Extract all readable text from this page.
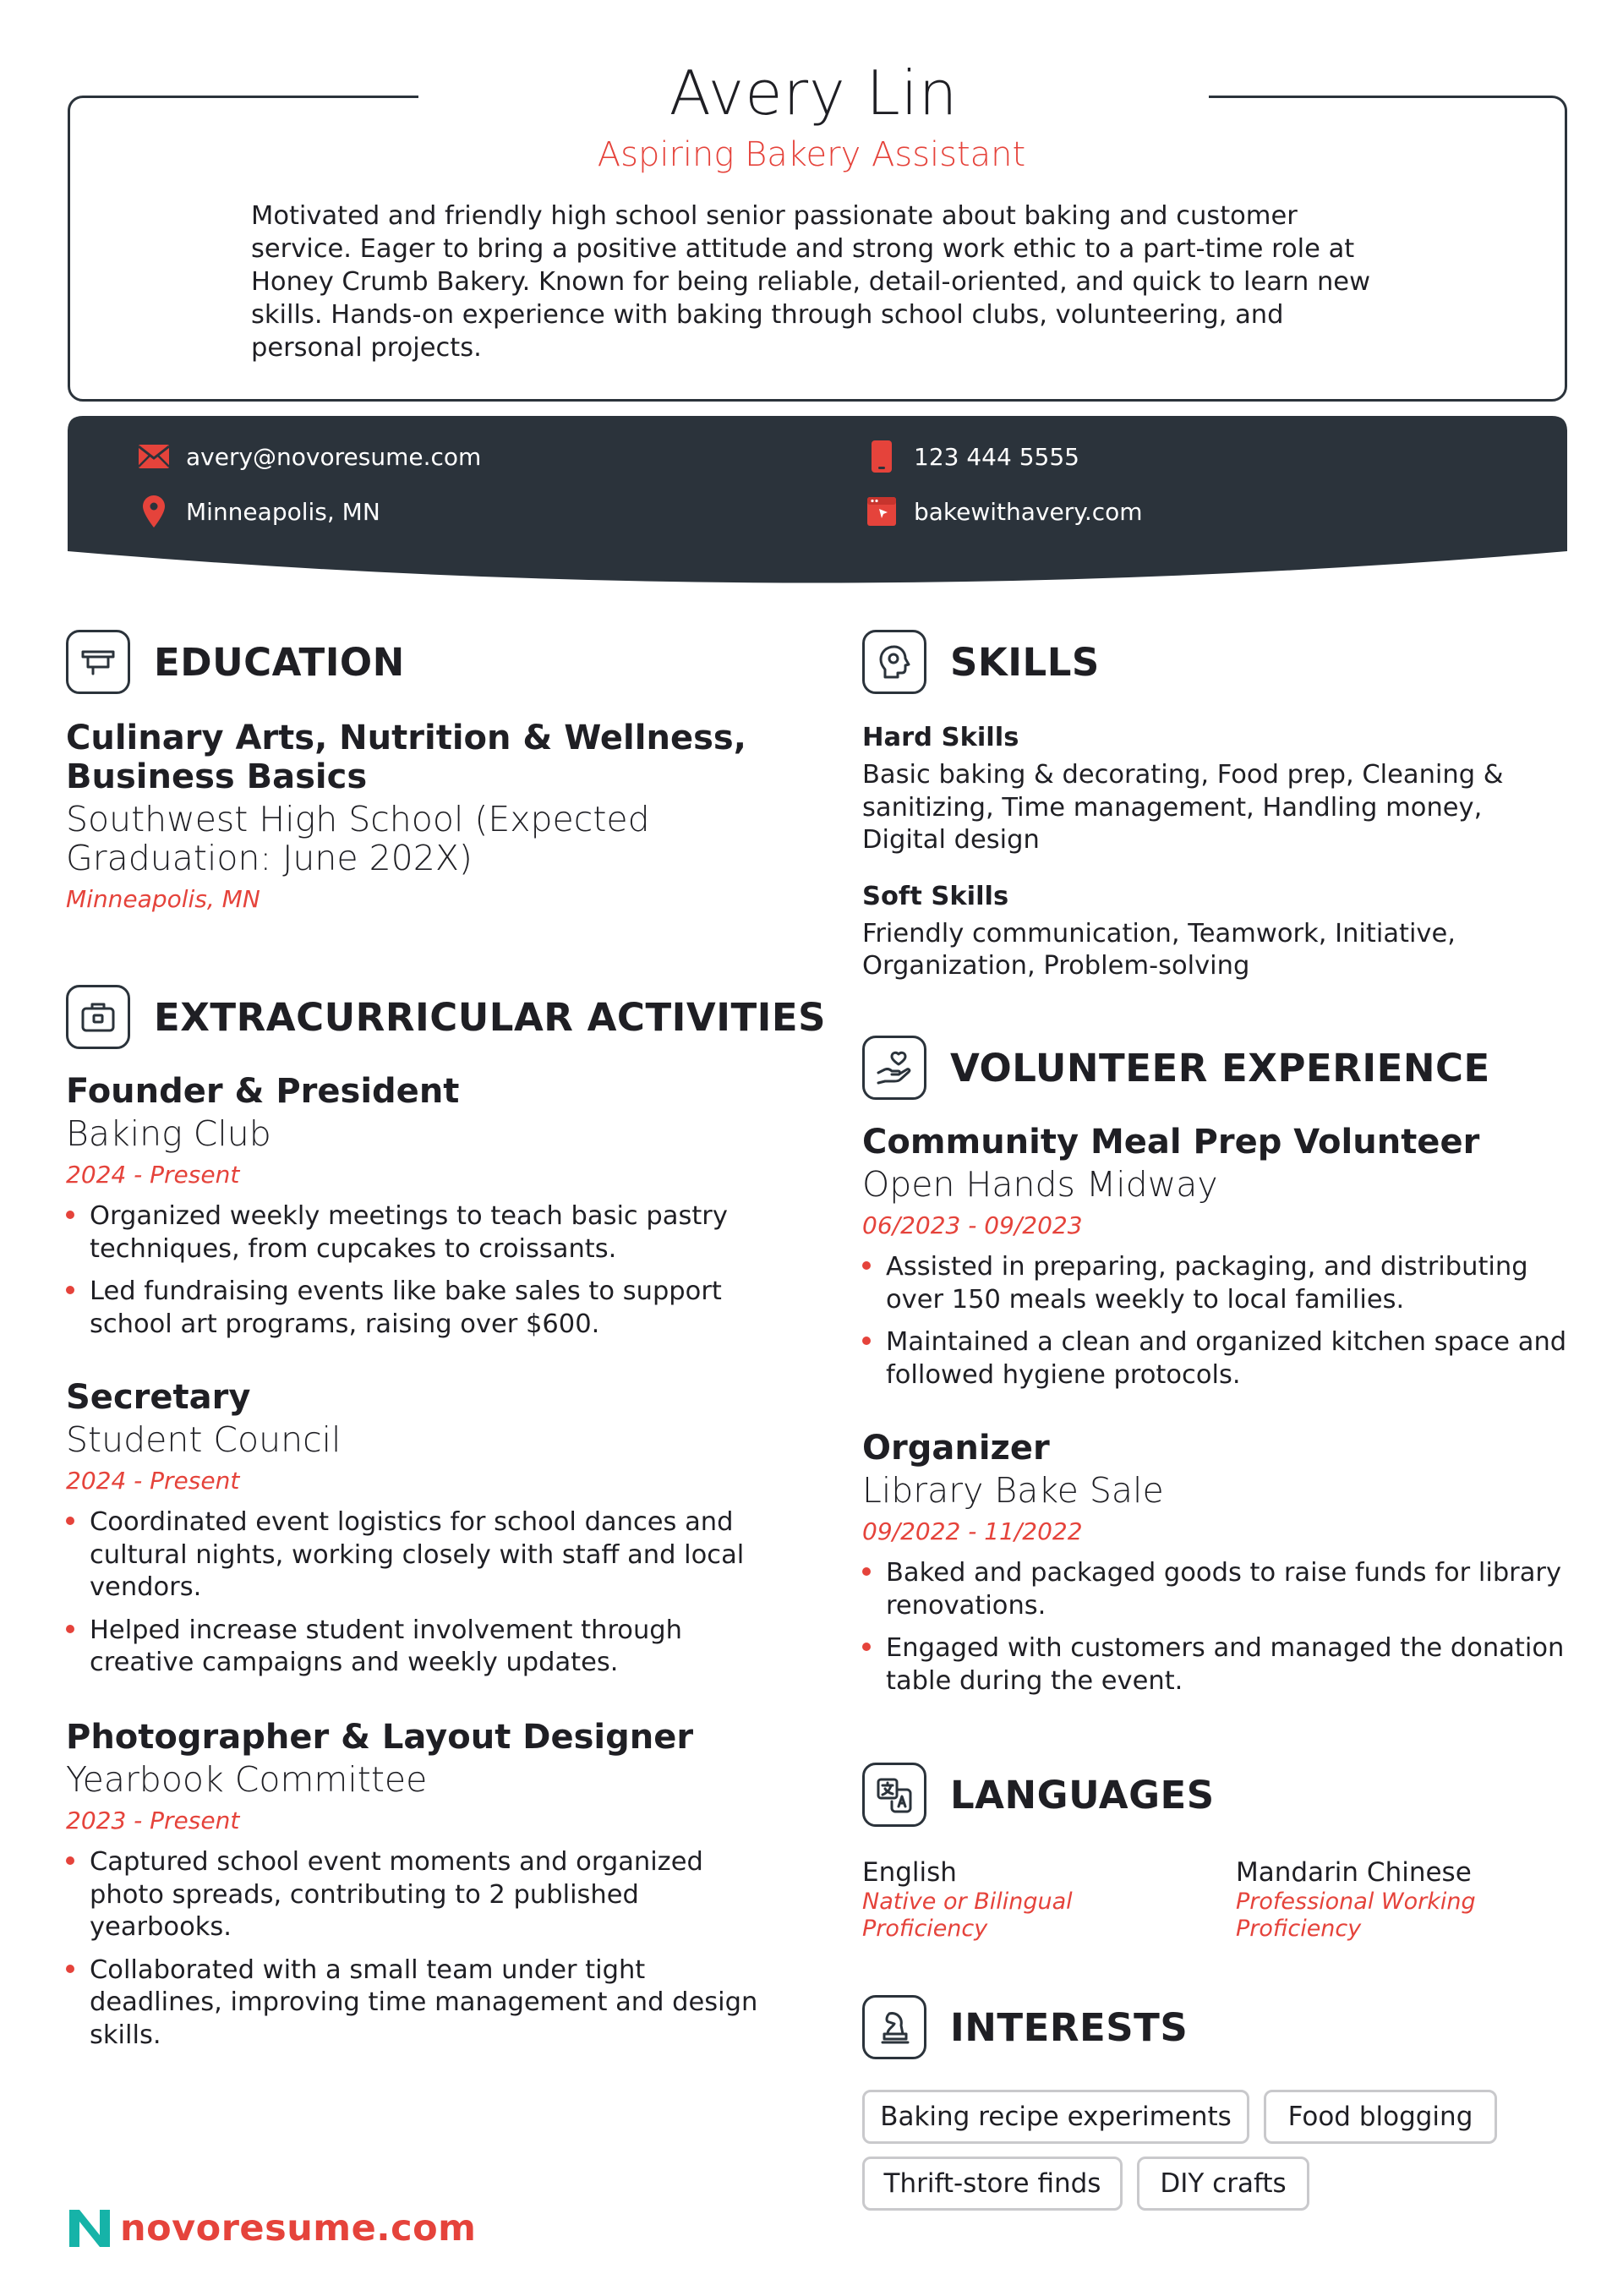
Avery Lin
Aspiring Bakery Assistant
Motivated and friendly high school senior passionate about baking and customer service. Eager to bring a positive attitude and strong work ethic to a part-time role at Honey Crumb Bakery. Known for being reliable, detail-oriented, and quick to learn new skills. Hands-on experience with baking through school clubs, volunteering, and personal projects.
avery@novoresume.com	123 444 5555
Minneapolis, MN	bakewithavery.com
EDUCATION
Culinary Arts, Nutrition & Wellness, Business Basics
Southwest High School (Expected Graduation: June 202X)
Minneapolis, MN
EXTRACURRICULAR ACTIVITIES
Founder & President
Baking Club
2024 - Present
Organized weekly meetings to teach basic pastry techniques, from cupcakes to croissants.
Led fundraising events like bake sales to support school art programs, raising over $600.
Secretary
Student Council
2024 - Present
Coordinated event logistics for school dances and cultural nights, working closely with staff and local vendors.
Helped increase student involvement through creative campaigns and weekly updates.
Photographer & Layout Designer
Yearbook Committee
2023 - Present
Captured school event moments and organized photo spreads, contributing to 2 published yearbooks.
Collaborated with a small team under tight deadlines, improving time management and design skills.
SKILLS
Hard Skills
Basic baking & decorating, Food prep, Cleaning & sanitizing, Time management, Handling money, Digital design
Soft Skills
Friendly communication, Teamwork, Initiative, Organization, Problem-solving
VOLUNTEER EXPERIENCE
Community Meal Prep Volunteer
Open Hands Midway
06/2023 - 09/2023
Assisted in preparing, packaging, and distributing over 150 meals weekly to local families.
Maintained a clean and organized kitchen space and followed hygiene protocols.
Organizer
Library Bake Sale
09/2022 - 11/2022
Baked and packaged goods to raise funds for library renovations.
Engaged with customers and managed the donation table during the event.
LANGUAGES
English
Native or Bilingual Proficiency
Mandarin Chinese
Professional Working Proficiency
INTERESTS
Baking recipe experiments	Food blogging
Thrift-store finds	DIY crafts
novoresume.com
